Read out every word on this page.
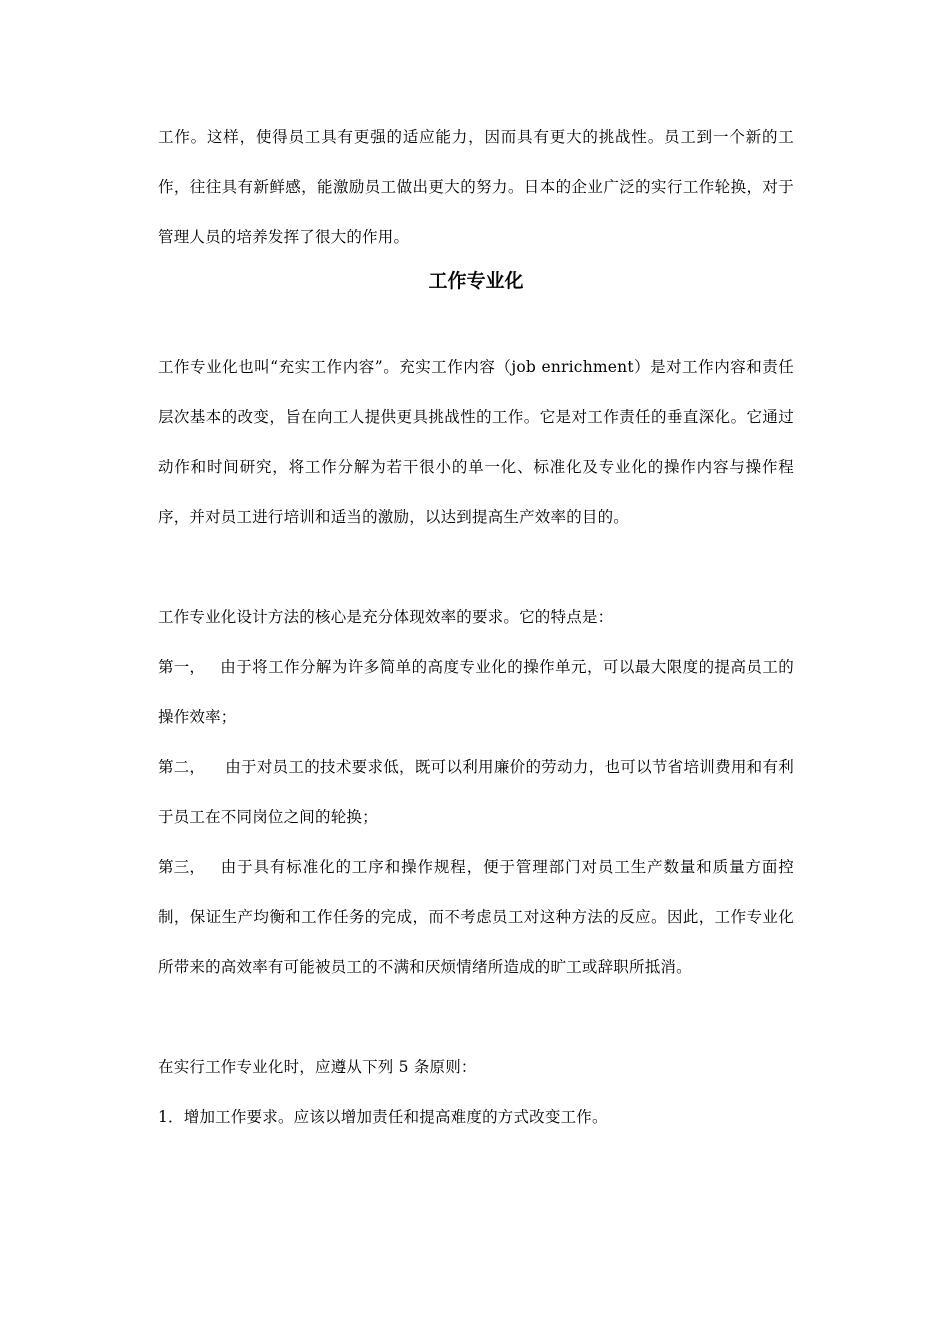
工作。这样，使得员工具有更强的适应能力，因而具有更大的挑战性。员工到一个新的工作，往往具有新鲜感，能激励员工做出更大的努力。日本的企业广泛的实行工作轮换，对于管理人员的培养发挥了很大的作用。

工作专业化

工作专业化也叫“充实工作内容”。充实工作内容（job enrichment）是对工作内容和责任层次基本的改变，旨在向工人提供更具挑战性的工作。它是对工作责任的垂直深化。它通过动作和时间研究，将工作分解为若干很小的单一化、标准化及专业化的操作内容与操作程序，并对员工进行培训和适当的激励，以达到提高生产效率的目的。

工作专业化设计方法的核心是充分体现效率的要求。它的特点是：

第一， 由于将工作分解为许多简单的高度专业化的操作单元，可以最大限度的提高员工的操作效率；

第二， 由于对员工的技术要求低，既可以利用廉价的劳动力，也可以节省培训费用和有利于员工在不同岗位之间的轮换；

第三， 由于具有标准化的工序和操作规程，便于管理部门对员工生产数量和质量方面控制，保证生产均衡和工作任务的完成，而不考虑员工对这种方法的反应。因此，工作专业化所带来的高效率有可能被员工的不满和厌烦情绪所造成的旷工或辞职所抵消。

在实行工作专业化时，应遵从下列 5 条原则：

1．增加工作要求。应该以增加责任和提高难度的方式改变工作。
